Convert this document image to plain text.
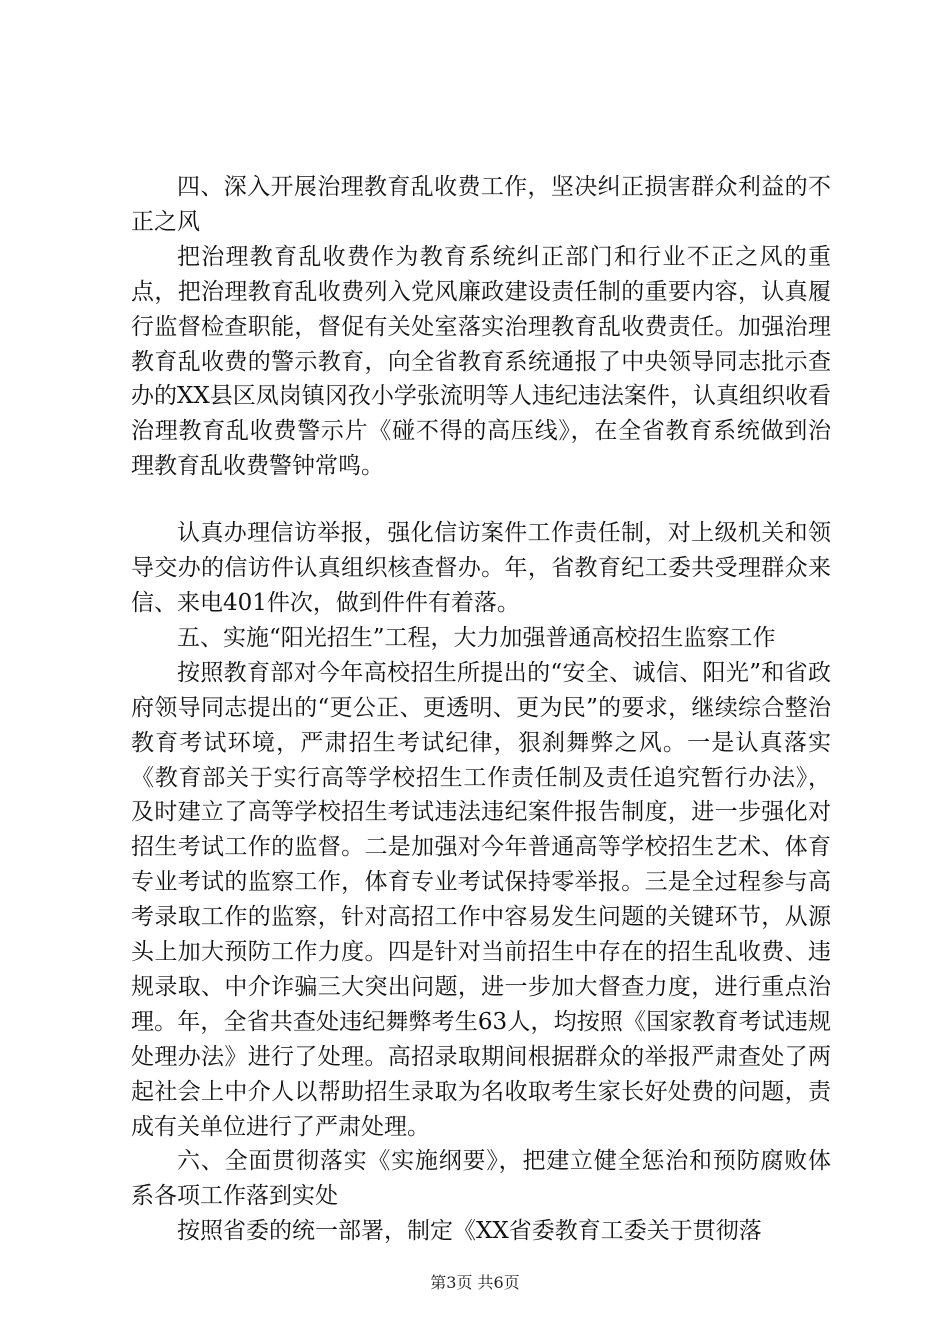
四、深入开展治理教育乱收费工作，坚决纠正损害群众利益的不正之风

把治理教育乱收费作为教育系统纠正部门和行业不正之风的重点，把治理教育乱收费列入党风廉政建设责任制的重要内容，认真履行监督检查职能，督促有关处室落实治理教育乱收费责任。加强治理教育乱收费的警示教育，向全省教育系统通报了中央领导同志批示查办的XX县区凤岗镇冈孜小学张流明等人违纪违法案件，认真组织收看治理教育乱收费警示片《碰不得的高压线》，在全省教育系统做到治理教育乱收费警钟常鸣。

认真办理信访举报，强化信访案件工作责任制，对上级机关和领导交办的信访件认真组织核查督办。年，省教育纪工委共受理群众来信、来电401件次，做到件件有着落。

五、实施“阳光招生”工程，大力加强普通高校招生监察工作

按照教育部对今年高校招生所提出的“安全、诚信、阳光”和省政府领导同志提出的“更公正、更透明、更为民”的要求，继续综合整治教育考试环境，严肃招生考试纪律，狠刹舞弊之风。一是认真落实《教育部关于实行高等学校招生工作责任制及责任追究暂行办法》，及时建立了高等学校招生考试违法违纪案件报告制度，进一步强化对招生考试工作的监督。二是加强对今年普通高等学校招生艺术、体育专业考试的监察工作，体育专业考试保持零举报。三是全过程参与高考录取工作的监察，针对高招工作中容易发生问题的关键环节，从源头上加大预防工作力度。四是针对当前招生中存在的招生乱收费、违规录取、中介诈骗三大突出问题，进一步加大督查力度，进行重点治理。年，全省共查处违纪舞弊考生63人，均按照《国家教育考试违规处理办法》进行了处理。高招录取期间根据群众的举报严肃查处了两起社会上中介人以帮助招生录取为名收取考生家长好处费的问题，责成有关单位进行了严肃处理。

六、全面贯彻落实《实施纲要》，把建立健全惩治和预防腐败体系各项工作落到实处

按照省委的统一部署，制定《XX省委教育工委关于贯彻落

第3页 共6页
